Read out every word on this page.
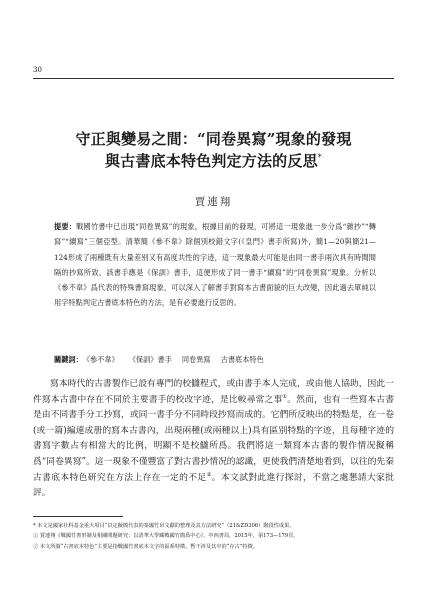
30
守正與變易之間：“同卷異寫”現象的發現
與古書底本特色判定方法的反思*
賈連翔
提要：戰國竹書中已出現“同卷異寫”的現象，根據目前的發現，可將這一現象進一步分爲“雜抄”“轉寫”“續寫”三個亞型。清華簡《參不韋》除個別校錯文字(《皇門》書手所寫)外，簡1—20與簡21—124形成了兩種既有大量差别又有高度共性的字迹，這一現象最大可能是由同一書手兩次具有時間間隔的抄寫所致，該書手應是《保訓》書手，這便形成了同一書手“續寫”的“同卷異寫”現象。分析以《參不韋》爲代表的特殊書寫現象，可以深入了解書手對寫本古書面貌的巨大改變，因此過去單純以用字特點判定古書底本特色的方法，是有必要進行反思的。
關鍵詞：《參不韋》 《保訓》書手 同卷異寫 古書底本特色
寫本時代的古書製作已設有專門的校讎程式，或由書手本人完成，或由他人協助，因此一件寫本古書中存在不同於主要書手的校改字迹，是比較尋常之事①。然而，也有一些寫本古書是由不同書手分工抄寫，或同一書手分不同時段抄寫而成的。它們所反映出的特點是，在一卷(或一篇)編連成册的寫本古書內，出現兩種(或兩種以上)具有區别特點的字迹，且每種字迹的書寫字數占有相當大的比例，明顯不是校讎所爲。我們將這一類寫本古書的製作情况擬稱爲“同卷異寫”。這一現象不僅豐富了對古書抄情况的認識，更使我們清楚地看到，以往的先秦古書底本特色研究在方法上存在一定的不足②。本文試對此進行探討，不當之處懇請大家批評。
* 本文是國家社科基金重大項目“以定擬簡代表的秦國竹帛文獻的整理及其方法研究”（21&ZD306）階段性成果。
① 賈連翔《戰國竹書形制及相關問題研究：以清華大學藏戰國竹簡爲中心》，中西書局，2015年，第173—179頁。
② 本文所謂“古書底本特色”主要是指戰國竹書底本文字的區系特徵，暫不涉及其中的“存古”特徵。
